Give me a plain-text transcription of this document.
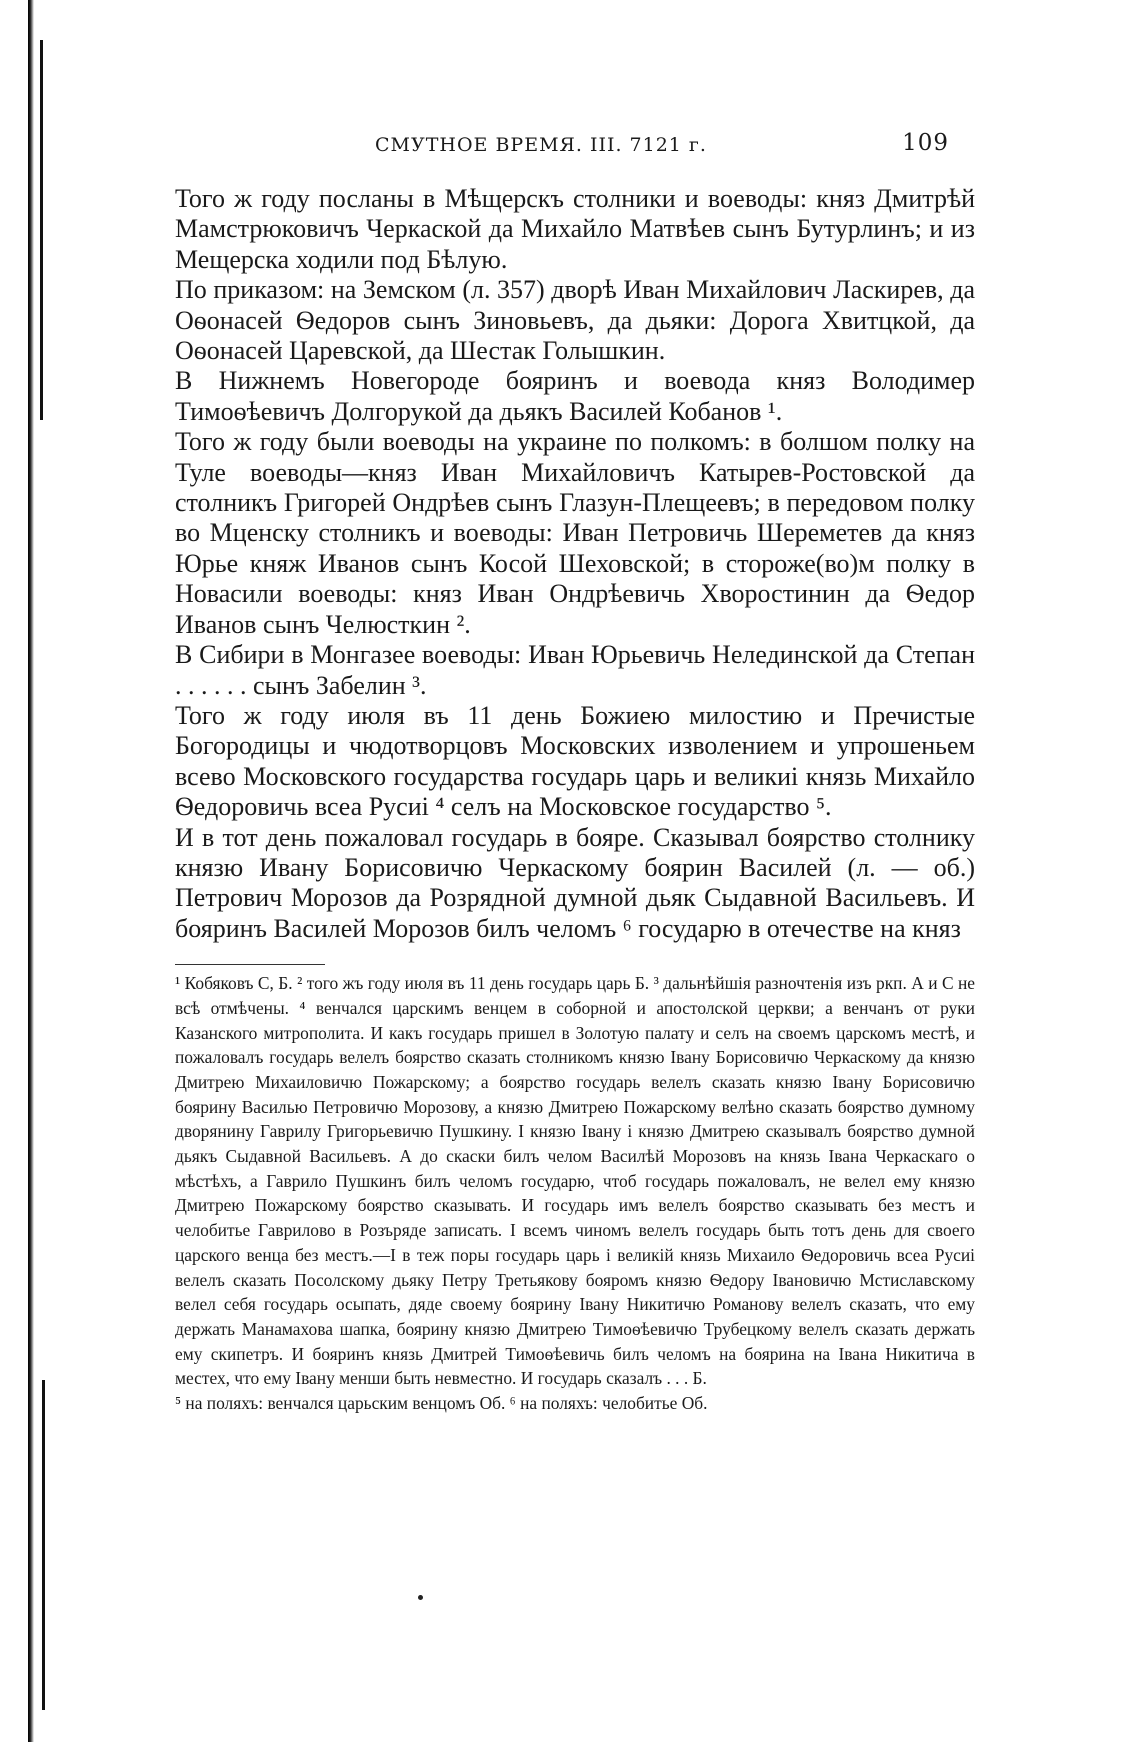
СМУТНОЕ ВРЕМЯ. III. 7121 г.	109

Того ж году посланы в Мѣщерскъ столники и воеводы: княз Дмитрѣй Мамстрюковичъ Черкаской да Михайло Матвѣев сынъ Бутурлинъ; и из Мещерска ходили под Бѣлую.

По приказом: на Земском (л. 357) дворѣ Иван Михайлович Ласкирев, да Оѳонасей Ѳедоров сынъ Зиновьевъ, да дьяки: Дорога Хвитцкой, да Оѳонасей Царевской, да Шестак Голышкин.

В Нижнемъ Новегороде бояринъ и воевода княз Володимер Тимоѳѣевичъ Долгорукой да дьякъ Василей Кобанов ¹.

Того ж году были воеводы на украине по полкомъ: в болшом полку на Туле воеводы—княз Иван Михайловичъ Катырев-Ростовской да столникъ Григорей Ондрѣев сынъ Глазун-Плещеевъ; в передовом полку во Мценску столникъ и воеводы: Иван Петровичь Шереметев да княз Юрье княж Иванов сынъ Косой Шеховской; в стороже(во)м полку в Новасили воеводы: княз Иван Ондрѣевичь Хворостинин да Ѳедор Иванов сынъ Челюсткин ².

В Сибири в Монгазее воеводы: Иван Юрьевичь Нелединской да Степан . . . . . . сынъ Забелин ³.

Того ж году июля въ 11 день Божиею милостию и Пречистые Богородицы и чюдотворцовъ Московских изволением и упрошеньем всево Московского государства государь царь и великиі князь Михайло Ѳедоровичь всеа Русиі ⁴ селъ на Московское государство ⁵.

И в тот день пожаловал государь в бояре. Сказывал боярство столнику князю Ивану Борисовичю Черкаскому боярин Василей (л. — об.) Петрович Морозов да Розрядной думной дьяк Сыдавной Васильевъ. И бояринъ Василей Морозов билъ челомъ ⁶ государю в отечестве на княз

¹ Кобяковъ С, Б. ² того жъ году июля въ 11 день государь царь Б. ³ дальнѣйшія разночтенія изъ ркп. А и С не всѣ отмѣчены. ⁴ венчался царскимъ венцем в соборной и апостолской церкви; а венчанъ от руки Казанского митрополита. И какъ государь пришел в Золотую палату и селъ на своемъ царскомъ местѣ, и пожаловалъ государь велелъ боярство сказать столникомъ князю Івану Борисовичю Черкаскому да князю Дмитрею Михаиловичю Пожарскому; а боярство государь велелъ сказать князю Івану Борисовичю боярину Василью Петровичю Морозову, а князю Дмитрею Пожарскому велѣно сказать боярство думному дворянину Гаврилу Григорьевичю Пушкину. І князю Івану і князю Дмитрею сказывалъ боярство думной дьякъ Сыдавной Васильевъ. А до скаски билъ челом Василѣй Морозовъ на князь Івана Черкаскаго о мѣстѣхъ, а Гаврило Пушкинъ билъ челомъ государю, чтоб государь пожаловалъ, не велел ему князю Дмитрею Пожарскому боярство сказывать. И государь имъ велелъ боярство сказывать без местъ и челобитье Гаврилово в Розъряде записать. І всемъ чиномъ велелъ государь быть тотъ день для своего царского венца без местъ.—І в теж поры государь царь і великій князь Михаило Ѳедоровичь всеа Русиі велелъ сказать Посолскому дьяку Петру Третьякову бояромъ князю Ѳедору Івановичю Мстиславскому велел себя государь осыпать, дяде своему боярину Івану Никитичю Романову велелъ сказать, что ему держать Манамахова шапка, боярину князю Дмитрею Тимоѳѣевичю Трубецкому велелъ сказать держать ему скипетръ. И бояринъ князь Дмитрей Тимоѳѣевичь билъ челомъ на боярина на Івана Никитича в местех, что ему Івану менши быть невместно. И государь сказалъ . . . Б.

⁵ на поляхъ: венчался царьским венцомъ Об. ⁶ на поляхъ: челобитье Об.
